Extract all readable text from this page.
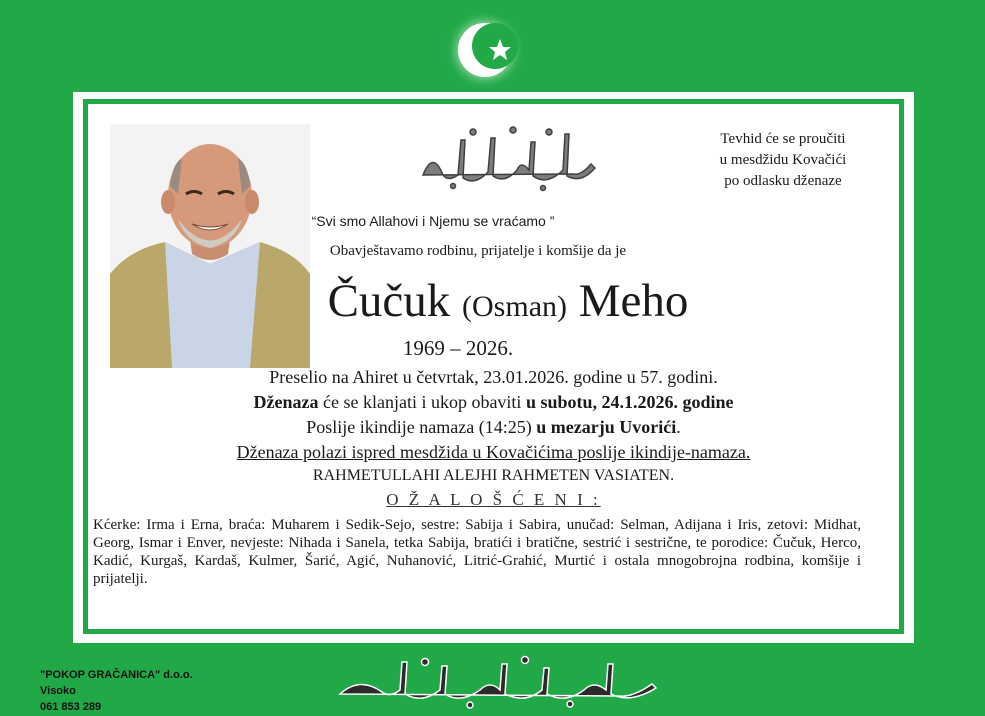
Tevhid će se proučiti
u mesdžidu Kovačići
po odlasku dženaze
“Svi smo Allahovi i Njemu se vraćamo ”
Obavještavamo rodbinu, prijatelje i komšije da je
Čučuk (Osman) Meho
1969 – 2026.
Preselio na Ahiret u četvrtak, 23.01.2026. godine u 57. godini.
Dženaza će se klanjati i ukop obaviti u subotu, 24.1.2026. godine
Poslije ikindije namaza (14:25) u mezarju Uvorići.
Dženaza polazi ispred mesdžida u Kovačićima poslije ikindije-namaza.
RAHMETULLAHI ALEJHI RAHMETEN VASIATEN.
O Ž A L O Š Ć E N I :

Kćerke: Irma i Erna, braća: Muharem i Sedik-Sejo, sestre: Sabija i Sabira, unučad: Selman, Adijana i Iris, zetovi: Midhat, Georg, Ismar i Enver, nevjeste: Nihada i Sanela, tetka Sabija, bratići i bratične, sestrić i sestrične, te porodice: Čučuk, Herco, Kadić, Kurgaš, Kardaš, Kulmer, Šarić, Agić, Nuhanović, Litrić-Grahić, Murtić i ostala mnogobrojna rodbina, komšije i prijatelji.

"POKOP GRAČANICA" d.o.o.
Visoko
061 853 289
